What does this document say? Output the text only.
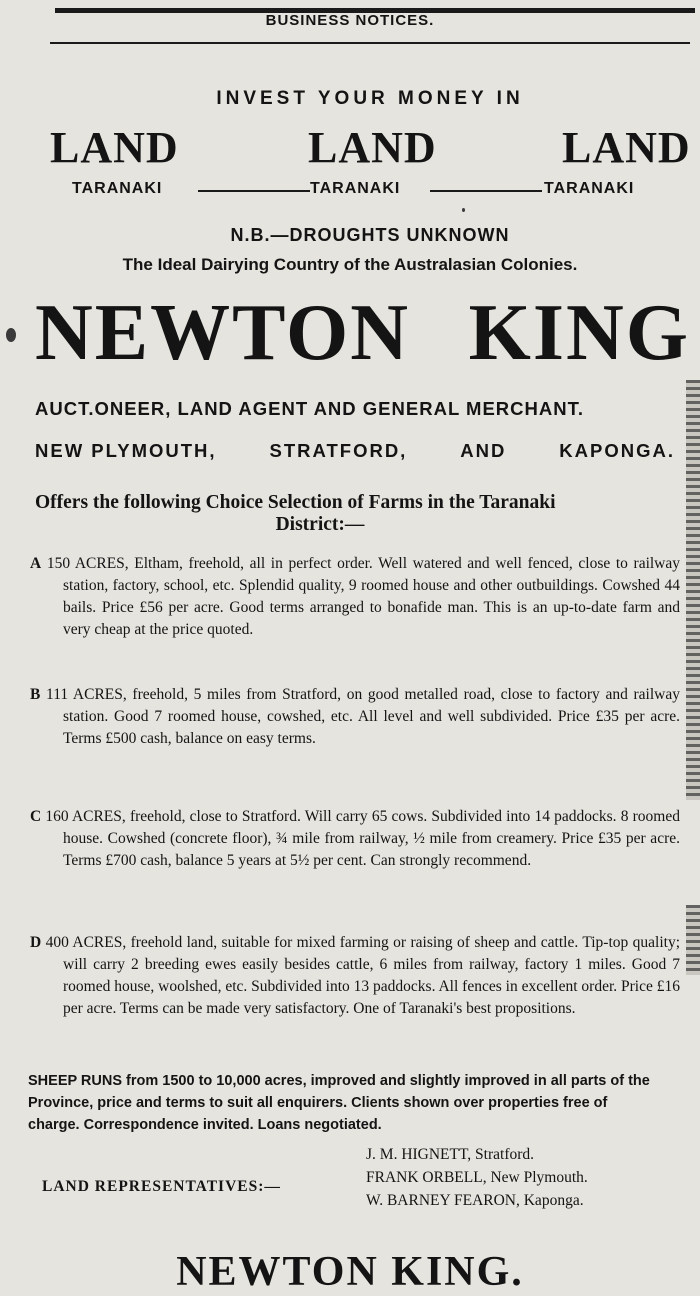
BUSINESS NOTICES.
INVEST YOUR MONEY IN
LAND	LAND	LAND
TARANAKI	TARANAKI	TARANAKI
N.B.—DROUGHTS UNKNOWN
The Ideal Dairying Country of the Australasian Colonies.
NEWTON KING
AUCT.ONEER, LAND AGENT AND GENERAL MERCHANT.
NEW PLYMOUTH,	STRATFORD,	AND	KAPONGA.
Offers the following Choice Selection of Farms in the Taranaki
District:—
A 150 ACRES, Eltham, freehold, all in perfect order. Well watered and well fenced, close to railway station, factory, school, etc. Splendid quality, 9 roomed house and other outbuildings. Cowshed 44 bails. Price £56 per acre. Good terms arranged to bonafide man. This is an up-to-date farm and very cheap at the price quoted.
B 111 ACRES, freehold, 5 miles from Stratford, on good metalled road, close to factory and railway station. Good 7 roomed house, cowshed, etc. All level and well subdivided. Price £35 per acre. Terms £500 cash, balance on easy terms.
C 160 ACRES, freehold, close to Stratford. Will carry 65 cows. Subdivided into 14 paddocks. 8 roomed house. Cowshed (concrete floor), ¾ mile from railway, ½ mile from creamery. Price £35 per acre. Terms £700 cash, balance 5 years at 5½ per cent. Can strongly recommend.
D 400 ACRES, freehold land, suitable for mixed farming or raising of sheep and cattle. Tip-top quality; will carry 2 breeding ewes easily besides cattle, 6 miles from railway, factory 1 miles. Good 7 roomed house, woolshed, etc. Subdivided into 13 paddocks. All fences in excellent order. Price £16 per acre. Terms can be made very satisfactory. One of Taranaki's best propositions.
SHEEP RUNS from 1500 to 10,000 acres, improved and slightly improved in all parts of the Province, price and terms to suit all enquirers. Clients shown over properties free of charge. Correspondence invited. Loans negotiated.
LAND REPRESENTATIVES:—
J. M. HIGNETT, Stratford.
FRANK ORBELL, New Plymouth.
W. BARNEY FEARON, Kaponga.
NEWTON KING.
